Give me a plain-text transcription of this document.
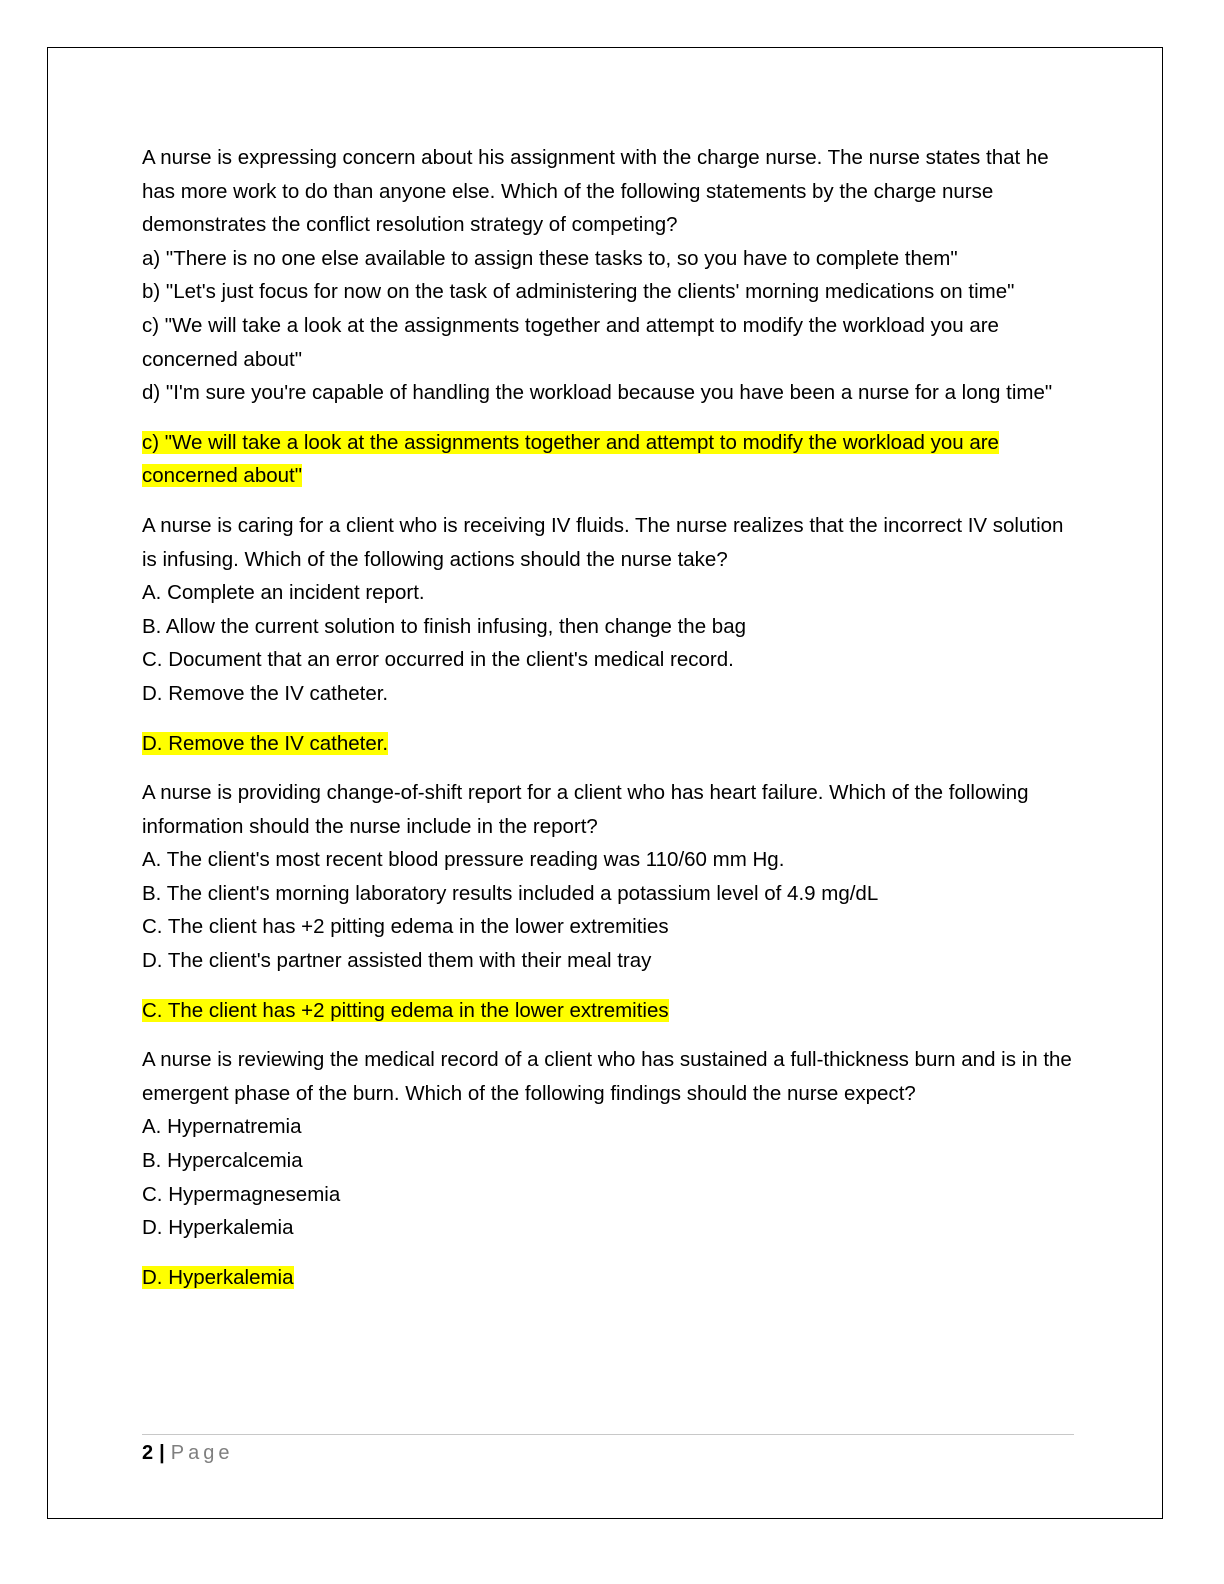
A nurse is expressing concern about his assignment with the charge nurse. The nurse states that he has more work to do than anyone else. Which of the following statements by the charge nurse demonstrates the conflict resolution strategy of competing?

a) "There is no one else available to assign these tasks to, so you have to complete them"

b) "Let's just focus for now on the task of administering the clients' morning medications on time"

c) "We will take a look at the assignments together and attempt to modify the workload you are concerned about"

d) "I'm sure you're capable of handling the workload because you have been a nurse for a long time"

c) "We will take a look at the assignments together and attempt to modify the workload you are concerned about"

A nurse is caring for a client who is receiving IV fluids. The nurse realizes that the incorrect IV solution is infusing. Which of the following actions should the nurse take?

A. Complete an incident report.

B. Allow the current solution to finish infusing, then change the bag

C. Document that an error occurred in the client's medical record.

D. Remove the IV catheter.

D. Remove the IV catheter.

A nurse is providing change-of-shift report for a client who has heart failure. Which of the following information should the nurse include in the report?

A. The client's most recent blood pressure reading was 110/60 mm Hg.

B. The client's morning laboratory results included a potassium level of 4.9 mg/dL

C. The client has +2 pitting edema in the lower extremities

D. The client's partner assisted them with their meal tray

C. The client has +2 pitting edema in the lower extremities

A nurse is reviewing the medical record of a client who has sustained a full-thickness burn and is in the emergent phase of the burn. Which of the following findings should the nurse expect?

A. Hypernatremia

B. Hypercalcemia

C. Hypermagnesemia

D. Hyperkalemia

D. Hyperkalemia

2 | Page
